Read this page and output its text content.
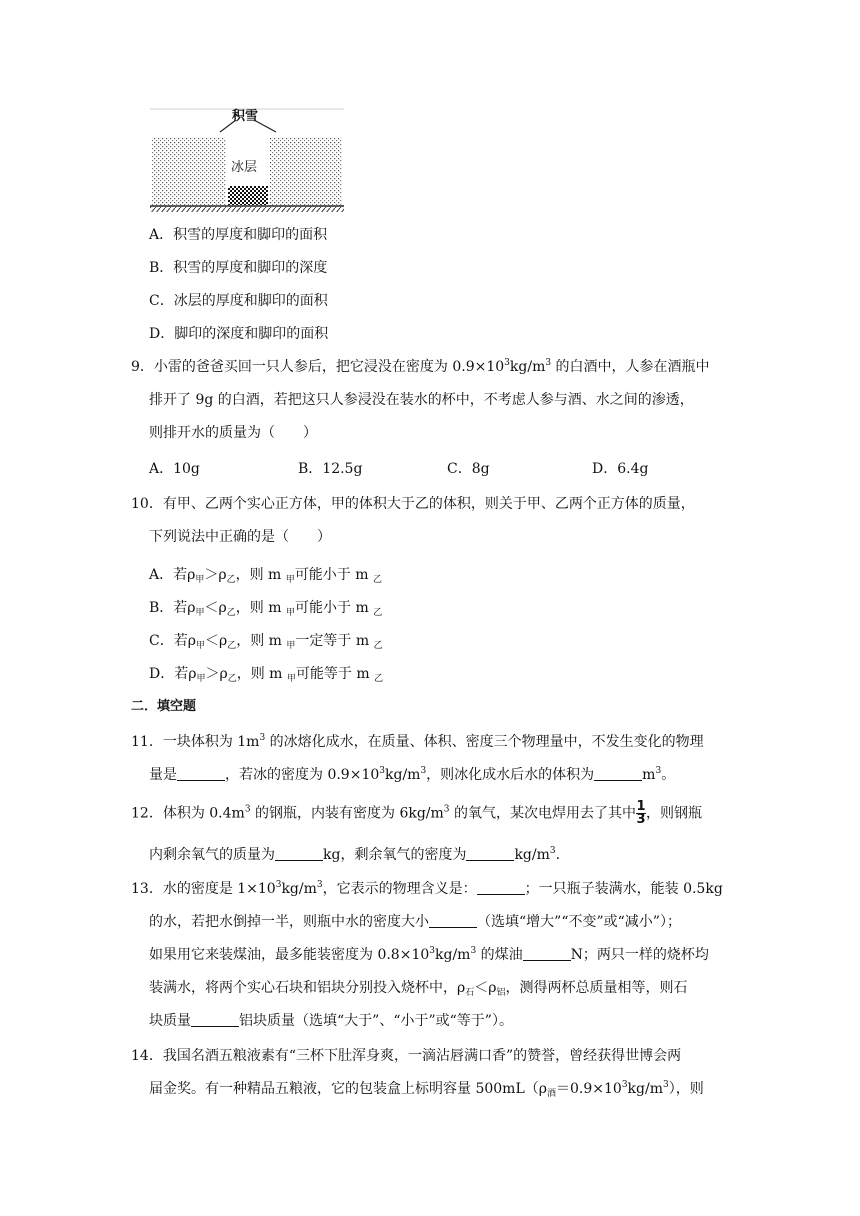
积雪
冰层
A．积雪的厚度和脚印的面积
B．积雪的厚度和脚印的深度
C．冰层的厚度和脚印的面积
D．脚印的深度和脚印的面积
9．小雷的爸爸买回一只人参后，把它浸没在密度为 $0.9\times 10^3kg/m^3$ 的白酒中，人参在酒瓶中
排开了 9g 的白酒，若把这只人参浸没在装水的杯中，不考虑人参与酒、水之间的渗透，
则排开水的质量为（　　）
A．10g	B．12.5g	C．8g	D．6.4g
10．有甲、乙两个实心正方体，甲的体积大于乙的体积，则关于甲、乙两个正方体的质量，
下列说法中正确的是（　　）
A．若$\rho_甲>\rho_乙$，则 m $_甲$可能小于 m $_乙$
B．若$\rho_甲<\rho_乙$，则 m $_甲$可能小于 m $_乙$
C．若$\rho_甲<\rho_乙$，则 m $_甲$一定等于 m $_乙$
D．若$\rho_甲>\rho_乙$，则 m $_甲$可能等于 m $_乙$
二．填空题
11．一块体积为 $1m^3$ 的冰熔化成水，在质量、体积、密度三个物理量中，不发生变化的物理
量是	，若冰的密度为 $0.9\times 10^3kg/m^3$，则冰化成水后水的体积为	$m^3$。
12．体积为 $0.4m^3$ 的钢瓶，内装有密度为 $6kg/m^3$ 的氧气，某次电焊用去了其中 $\frac{1}{3}$ ，则钢瓶
内剩余氧气的质量为	kg，剩余氧气的密度为	$kg/m^3$.
13．水的密度是 $1\times 10^3kg/m^3$，它表示的物理含义是：	；一只瓶子装满水，能装 0.5kg
的水，若把水倒掉一半，则瓶中水的密度大小	（选填“增大”“不变”或“减小”）；
如果用它来装煤油，最多能装密度为 $0.8\times 10^3kg/m^3$ 的煤油	N；两只一样的烧杯均
装满水，将两个实心石块和铝块分别投入烧杯中，$\rho_石<\rho_铝$，测得两杯总质量相等，则石
块质量	铝块质量（选填“大于”、“小于”或“等于”）。
14．我国名酒五粮液素有“三杯下肚浑身爽，一滴沾唇满口香”的赞誉，曾经获得世博会两
届金奖。有一种精品五粮液，它的包装盒上标明容量 $500mL(\rho_酒=0.9\times 10^3kg/m^3)$，则
